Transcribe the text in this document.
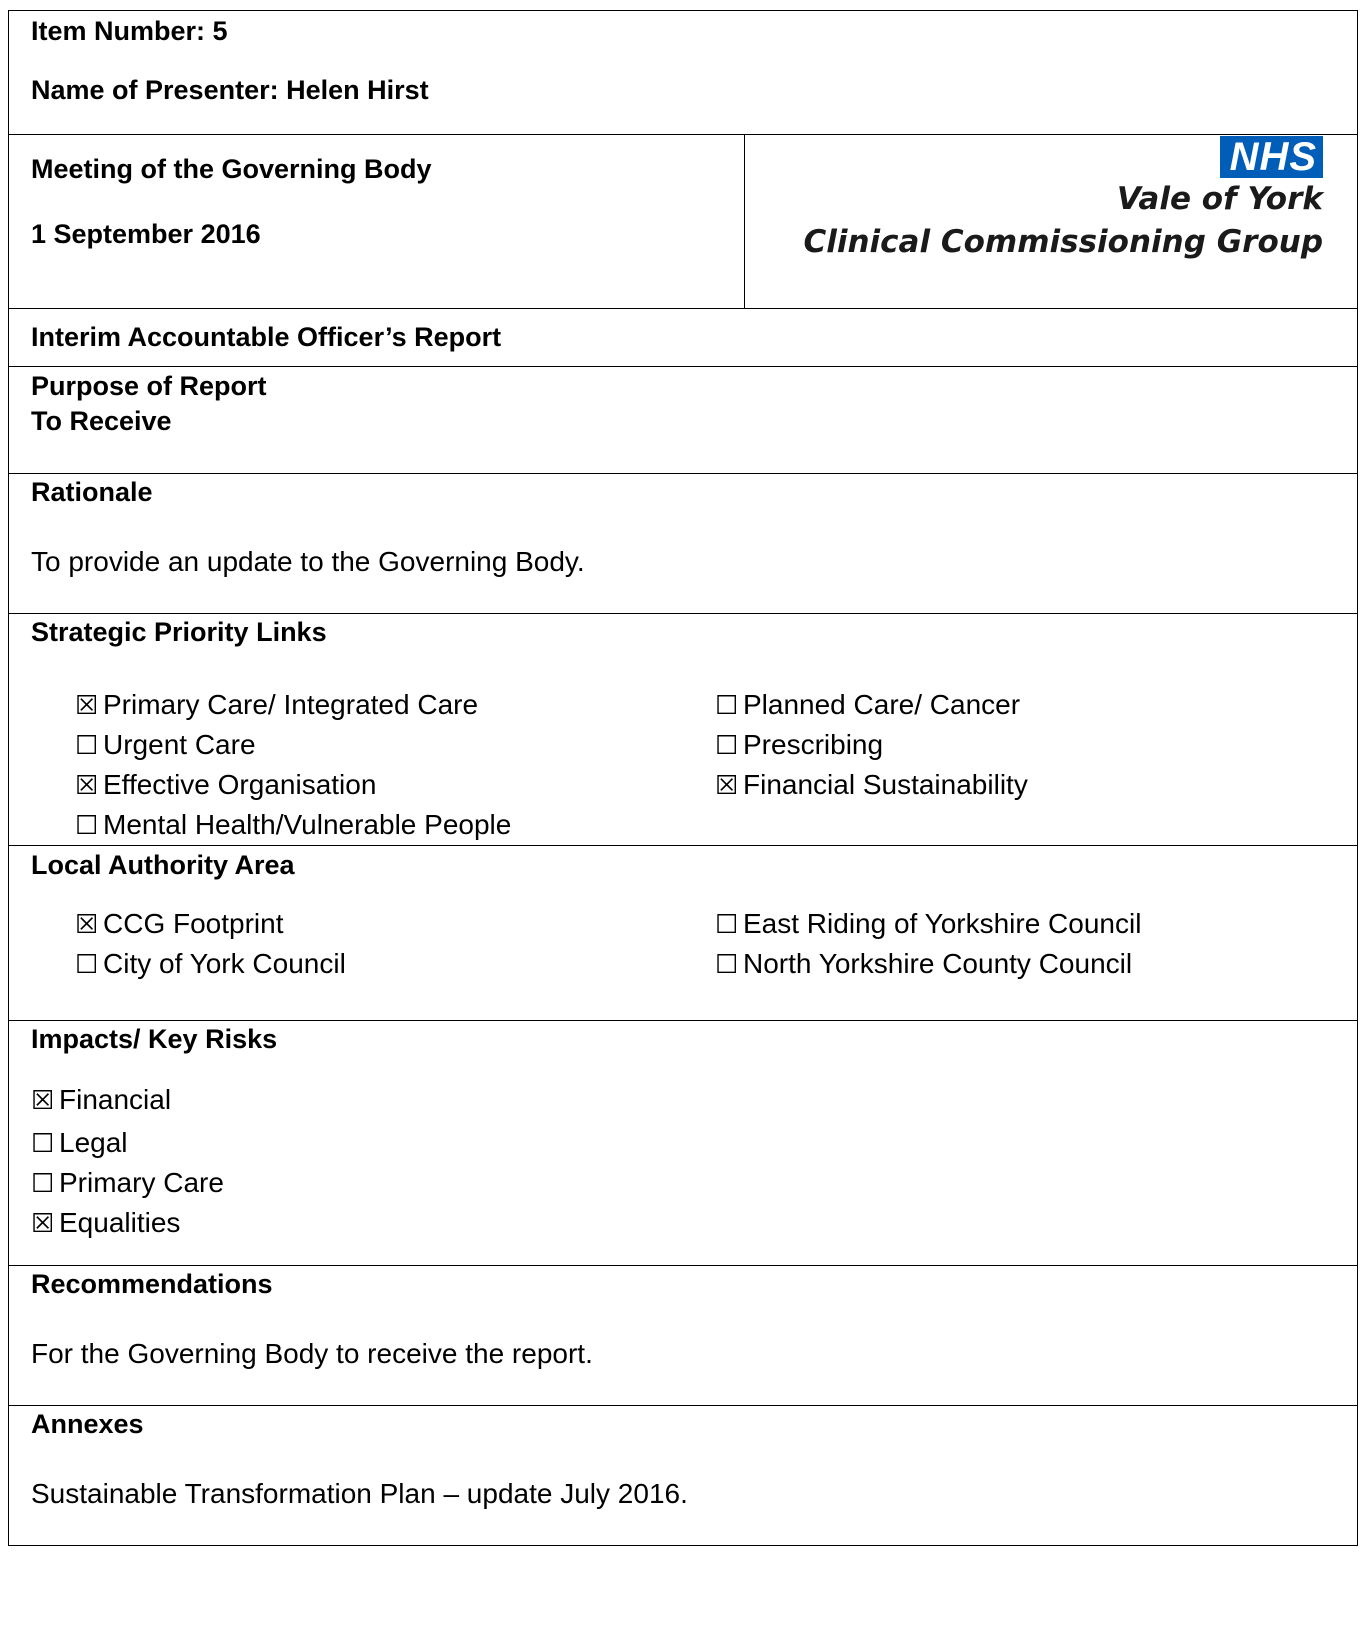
Item Number: 5
Name of Presenter: Helen Hirst

Meeting of the Governing Body
1 September 2016

NHS
Vale of York
Clinical Commissioning Group

Interim Accountable Officer’s Report

Purpose of Report
To Receive

Rationale
To provide an update to the Governing Body.

Strategic Priority Links
☒ Primary Care/ Integrated Care	☐ Planned Care/ Cancer
☐ Urgent Care	☐ Prescribing
☒ Effective Organisation	☒ Financial Sustainability
☐ Mental Health/Vulnerable People

Local Authority Area
☒ CCG Footprint	☐ East Riding of Yorkshire Council
☐ City of York Council	☐ North Yorkshire County Council

Impacts/ Key Risks
☒ Financial
☐ Legal
☐ Primary Care
☒ Equalities

Recommendations
For the Governing Body to receive the report.

Annexes
Sustainable Transformation Plan – update July 2016.
